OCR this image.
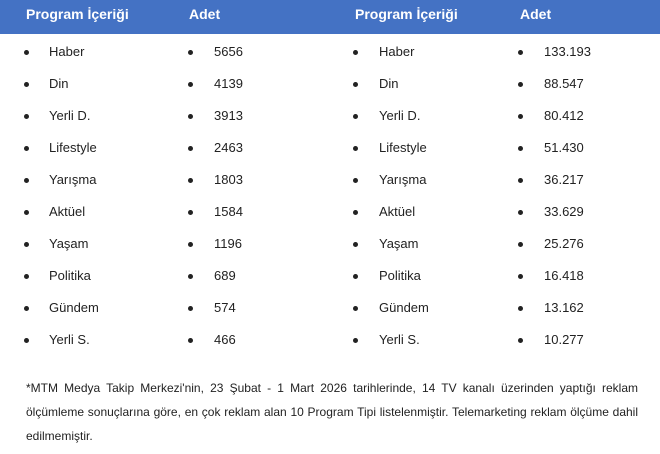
Program İçeriği	Adet	Program İçeriği	Adet
Haber	5656	Haber	133.193
Din	4139	Din	88.547
Yerli D.	3913	Yerli D.	80.412
Lifestyle	2463	Lifestyle	51.430
Yarışma	1803	Yarışma	36.217
Aktüel	1584	Aktüel	33.629
Yaşam	1196	Yaşam	25.276
Politika	689	Politika	16.418
Gündem	574	Gündem	13.162
Yerli S.	466	Yerli S.	10.277
*MTM Medya Takip Merkezi'nin, 23 Şubat - 1 Mart 2026 tarihlerinde, 14 TV kanalı üzerinden yaptığı reklam ölçümleme sonuçlarına göre, en çok reklam alan 10 Program Tipi listelenmiştir. Telemarketing reklam ölçüme dahil edilmemiştir.
